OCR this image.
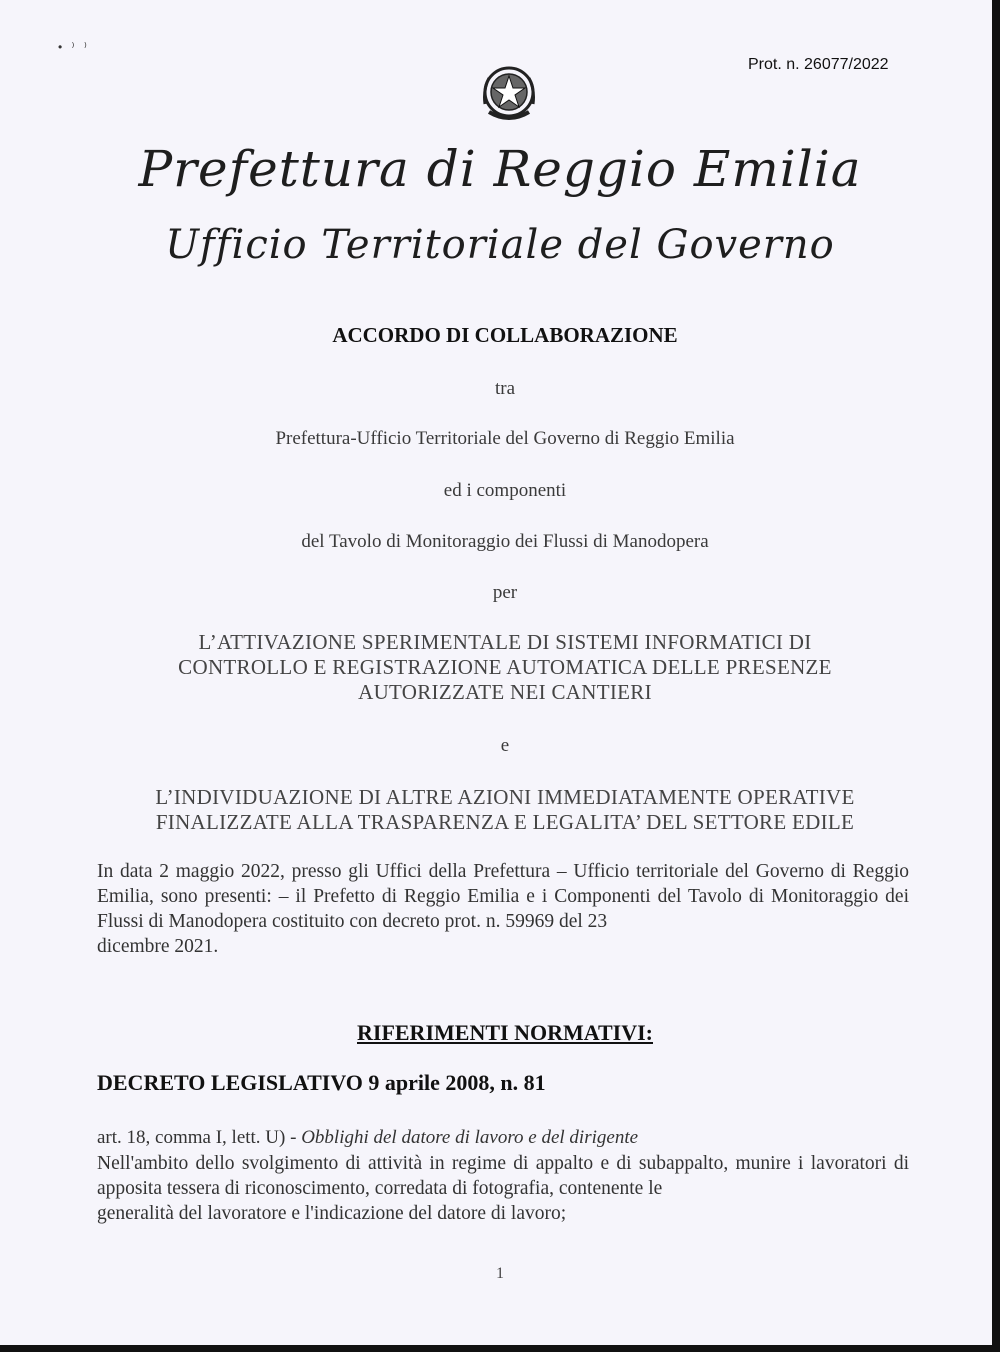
• ⁾ ⁾
Prot. n. 26077/2022
Prefettura di Reggio Emilia
Ufficio Territoriale del Governo
ACCORDO DI COLLABORAZIONE
tra
Prefettura-Ufficio Territoriale del Governo di Reggio Emilia
ed i componenti
del Tavolo di Monitoraggio dei Flussi di Manodopera
per
L’ATTIVAZIONE SPERIMENTALE DI SISTEMI INFORMATICI DI
CONTROLLO E REGISTRAZIONE AUTOMATICA DELLE PRESENZE
AUTORIZZATE NEI CANTIERI
e
L’INDIVIDUAZIONE DI ALTRE AZIONI IMMEDIATAMENTE OPERATIVE
FINALIZZATE ALLA TRASPARENZA E LEGALITA’ DEL SETTORE EDILE
In data 2 maggio 2022, presso gli Uffici della Prefettura – Ufficio territoriale del Governo di Reggio Emilia, sono presenti: – il Prefetto di Reggio Emilia e i Componenti del Tavolo di Monitoraggio dei Flussi di Manodopera costituito con decreto prot. n. 59969 del 23
dicembre 2021.
RIFERIMENTI NORMATIVI:
DECRETO LEGISLATIVO 9 aprile 2008, n. 81
art. 18, comma I, lett. U) - Obblighi del datore di lavoro e del dirigente
Nell'ambito dello svolgimento di attività in regime di appalto e di subappalto, munire i lavoratori di apposita tessera di riconoscimento, corredata di fotografia, contenente le
generalità del lavoratore e l'indicazione del datore di lavoro;
1
